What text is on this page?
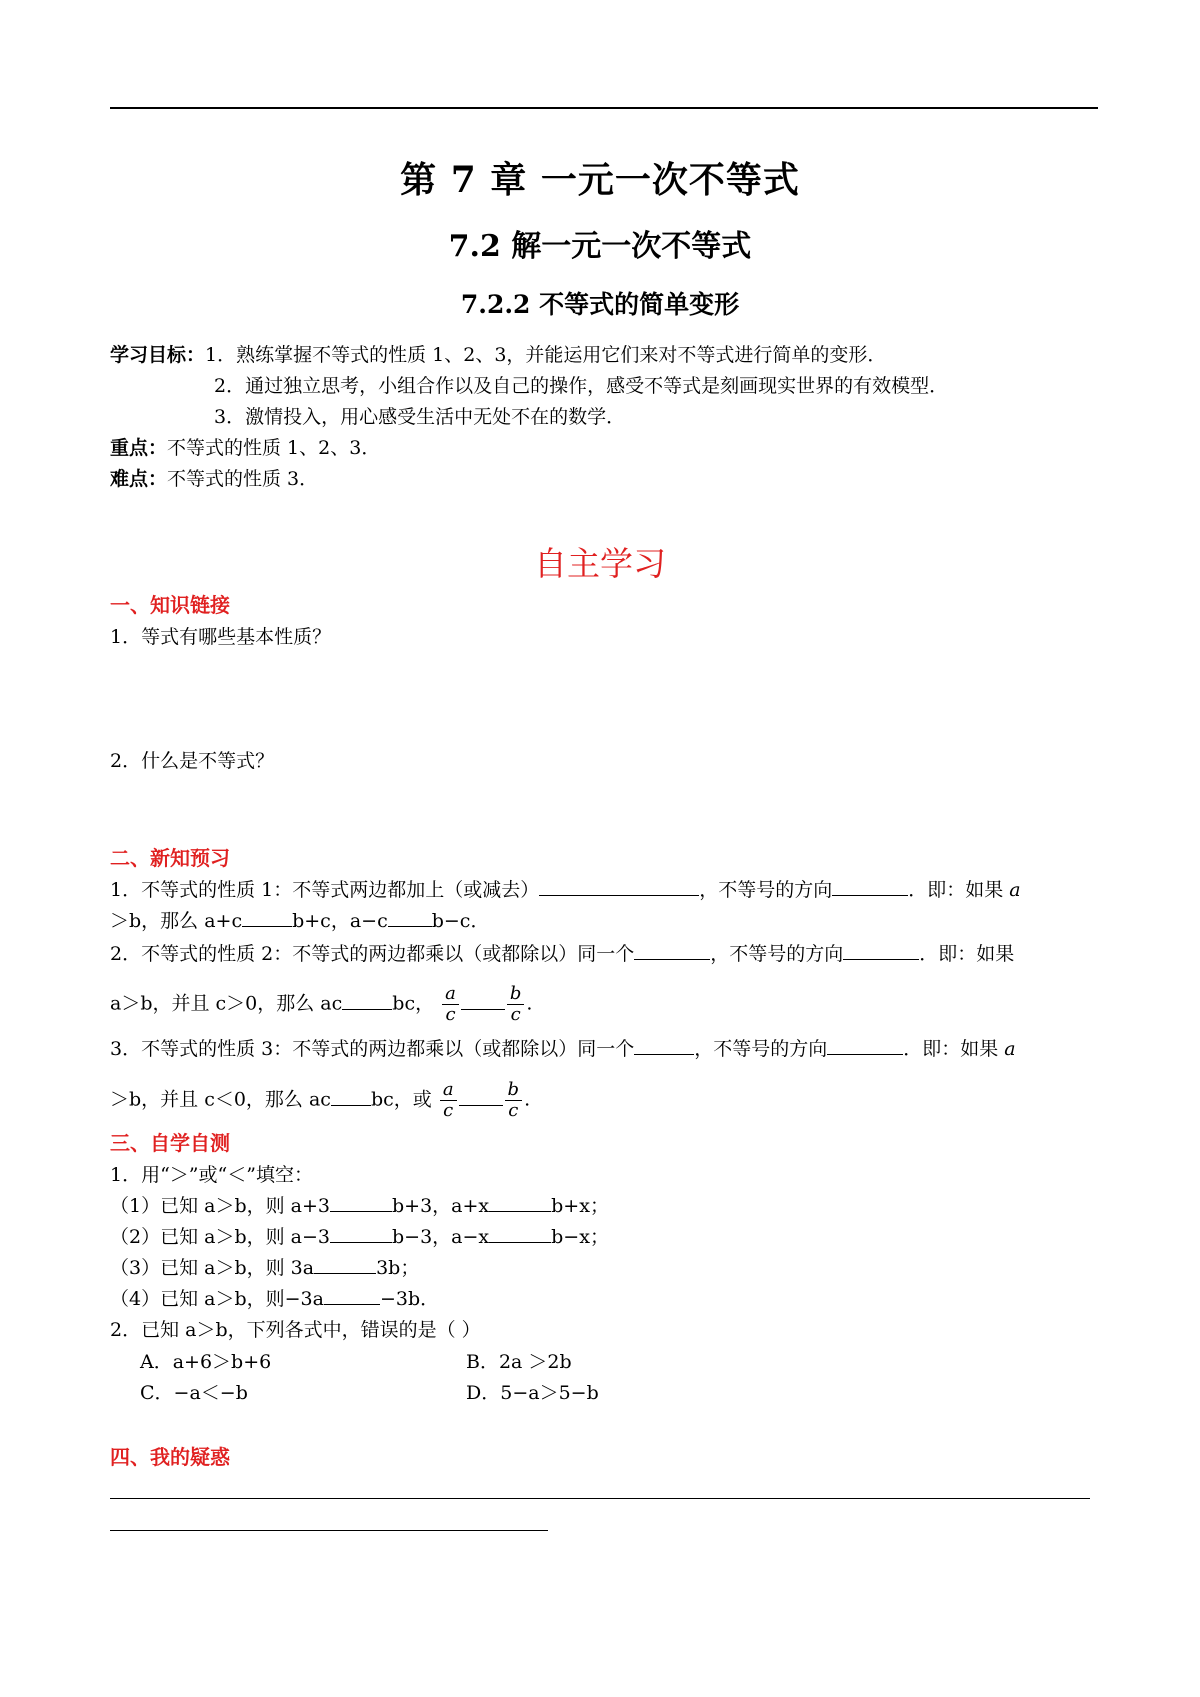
第 7 章 一元一次不等式
7.2 解一元一次不等式
7.2.2 不等式的简单变形
学习目标：1．熟练掌握不等式的性质 1、2、3，并能运用它们来对不等式进行简单的变形．
2．通过独立思考，小组合作以及自己的操作，感受不等式是刻画现实世界的有效模型．
3．激情投入，用心感受生活中无处不在的数学．
重点：不等式的性质 1、2、3．
难点：不等式的性质 3．
自主学习
一、知识链接
1．等式有哪些基本性质？
2．什么是不等式？
二、新知预习
1．不等式的性质 1：不等式两边都加上（或减去）	，不等号的方向	．即：如果 a
＞b，那么 a+c	b+c，a−c b−c．
2．不等式的性质 2：不等式的两边都乘以（或都除以）同一个	，不等号的方向	．即：如果
a＞b，并且 c＞0，那么 ac	bc， $\frac{a}{c}$	$\frac{b}{c}$ .
3．不等式的性质 3：不等式的两边都乘以（或都除以）同一个	，不等号的方向	．即：如果 a
＞b，并且 c＜0，那么 ac bc，或 $\frac{a}{c}$	$\frac{b}{c}$ .
三、自学自测
1．用“＞”或“＜”填空：
（1）已知 a＞b，则 a+3	b+3，a+x	b+x；
（2）已知 a＞b，则 a−3	b−3，a−x	b−x；
（3）已知 a＞b，则 3a	3b；
（4）已知 a＞b，则−3a	−3b．
2．已知 a＞b，下列各式中，错误的是（ ）
A．a+6＞b+6	B．2a ＞2b
C．−a＜−b	D．5−a＞5−b
四、我的疑惑
